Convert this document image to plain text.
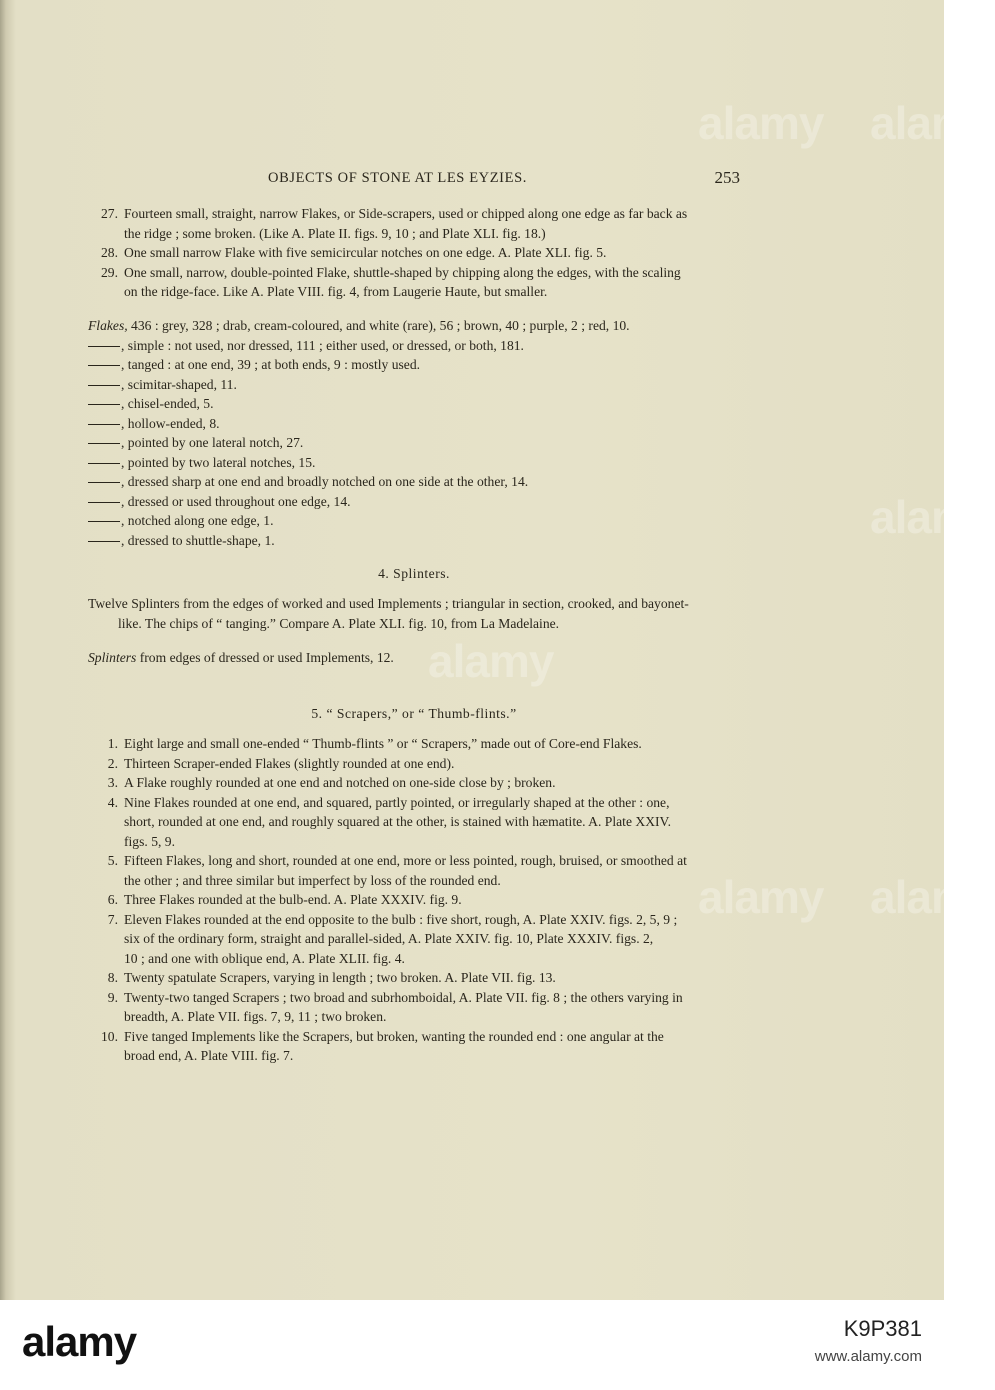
alamy alamy
alamy
alamy
alamy alamy
OBJECTS OF STONE AT LES EYZIES.	253
27. Fourteen small, straight, narrow Flakes, or Side-scrapers, used or chipped along one edge as far back as
the ridge ; some broken. (Like A. Plate II. figs. 9, 10 ; and Plate XLI. fig. 18.)
28. One small narrow Flake with five semicircular notches on one edge. A. Plate XLI. fig. 5.
29. One small, narrow, double-pointed Flake, shuttle-shaped by chipping along the edges, with the scaling
on the ridge-face. Like A. Plate VIII. fig. 4, from Laugerie Haute, but smaller.
Flakes, 436 : grey, 328 ; drab, cream-coloured, and white (rare), 56 ; brown, 40 ; purple, 2 ; red, 10.
, simple : not used, nor dressed, 111 ; either used, or dressed, or both, 181.
, tanged : at one end, 39 ; at both ends, 9 : mostly used.
, scimitar-shaped, 11.
, chisel-ended, 5.
, hollow-ended, 8.
, pointed by one lateral notch, 27.
, pointed by two lateral notches, 15.
, dressed sharp at one end and broadly notched on one side at the other, 14.
, dressed or used throughout one edge, 14.
, notched along one edge, 1.
, dressed to shuttle-shape, 1.
4. Splinters.
Twelve Splinters from the edges of worked and used Implements ; triangular in section, crooked, and bayonet-
like. The chips of “ tanging.” Compare A. Plate XLI. fig. 10, from La Madelaine.
Splinters from edges of dressed or used Implements, 12.
5. “ Scrapers,” or “ Thumb-flints.”
1. Eight large and small one-ended “ Thumb-flints ” or “ Scrapers,” made out of Core-end Flakes.
2. Thirteen Scraper-ended Flakes (slightly rounded at one end).
3. A Flake roughly rounded at one end and notched on one-side close by ; broken.
4. Nine Flakes rounded at one end, and squared, partly pointed, or irregularly shaped at the other : one,
short, rounded at one end, and roughly squared at the other, is stained with hæmatite. A. Plate XXIV.
figs. 5, 9.
5. Fifteen Flakes, long and short, rounded at one end, more or less pointed, rough, bruised, or smoothed at
the other ; and three similar but imperfect by loss of the rounded end.
6. Three Flakes rounded at the bulb-end. A. Plate XXXIV. fig. 9.
7. Eleven Flakes rounded at the end opposite to the bulb : five short, rough, A. Plate XXIV. figs. 2, 5, 9 ;
six of the ordinary form, straight and parallel-sided, A. Plate XXIV. fig. 10, Plate XXXIV. figs. 2,
10 ; and one with oblique end, A. Plate XLII. fig. 4.
8. Twenty spatulate Scrapers, varying in length ; two broken. A. Plate VII. fig. 13.
9. Twenty-two tanged Scrapers ; two broad and subrhomboidal, A. Plate VII. fig. 8 ; the others varying in
breadth, A. Plate VII. figs. 7, 9, 11 ; two broken.
10. Five tanged Implements like the Scrapers, but broken, wanting the rounded end : one angular at the
broad end, A. Plate VIII. fig. 7.
alamy	K9P381
www.alamy.com
